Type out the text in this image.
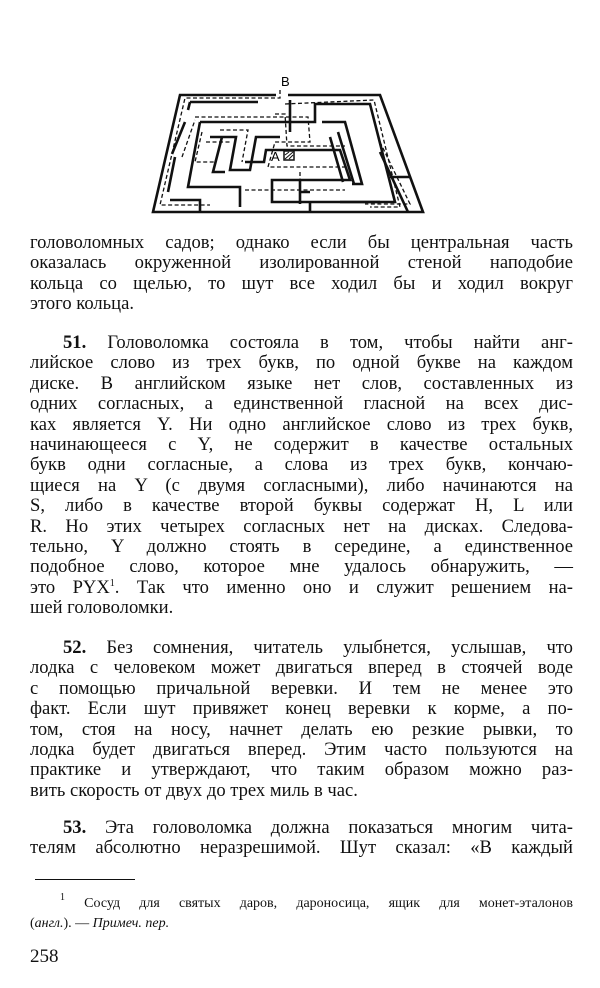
A
B
головоломных садов; однако если бы центральная часть
оказалась окруженной изолированной стеной наподобие
кольца со щелью, то шут все ходил бы и ходил вокруг
этого кольца.
51. Головоломка состояла в том, чтобы найти анг-
лийское слово из трех букв, по одной букве на каждом
диске. В английском языке нет слов, составленных из
одних согласных, а единственной гласной на всех дис-
ках является Y. Ни одно английское слово из трех букв,
начинающееся с Y, не содержит в качестве остальных
букв одни согласные, а слова из трех букв, кончаю-
щиеся на Y (с двумя согласными), либо начинаются на
S, либо в качестве второй буквы содержат H, L или
R. Но этих четырех согласных нет на дисках. Следова-
тельно, Y должно стоять в середине, а единственное
подобное слово, которое мне удалось обнаружить, —
это PYX$^1$. Так что именно оно и служит решением на-
шей головоломки.
52. Без сомнения, читатель улыбнется, услышав, что
лодка с человеком может двигаться вперед в стоячей воде
с помощью причальной веревки. И тем не менее это
факт. Если шут привяжет конец веревки к корме, а по-
том, стоя на носу, начнет делать ею резкие рывки, то
лодка будет двигаться вперед. Этим часто пользуются на
практике и утверждают, что таким образом можно раз-
вить скорость от двух до трех миль в час.
53. Эта головоломка должна показаться многим чита-
телям абсолютно неразрешимой. Шут сказал: «В каждый
$^1$ Сосуд для святых даров, дароносица, ящик для монет-эталонов
(англ.). — Примеч. пер.
258
